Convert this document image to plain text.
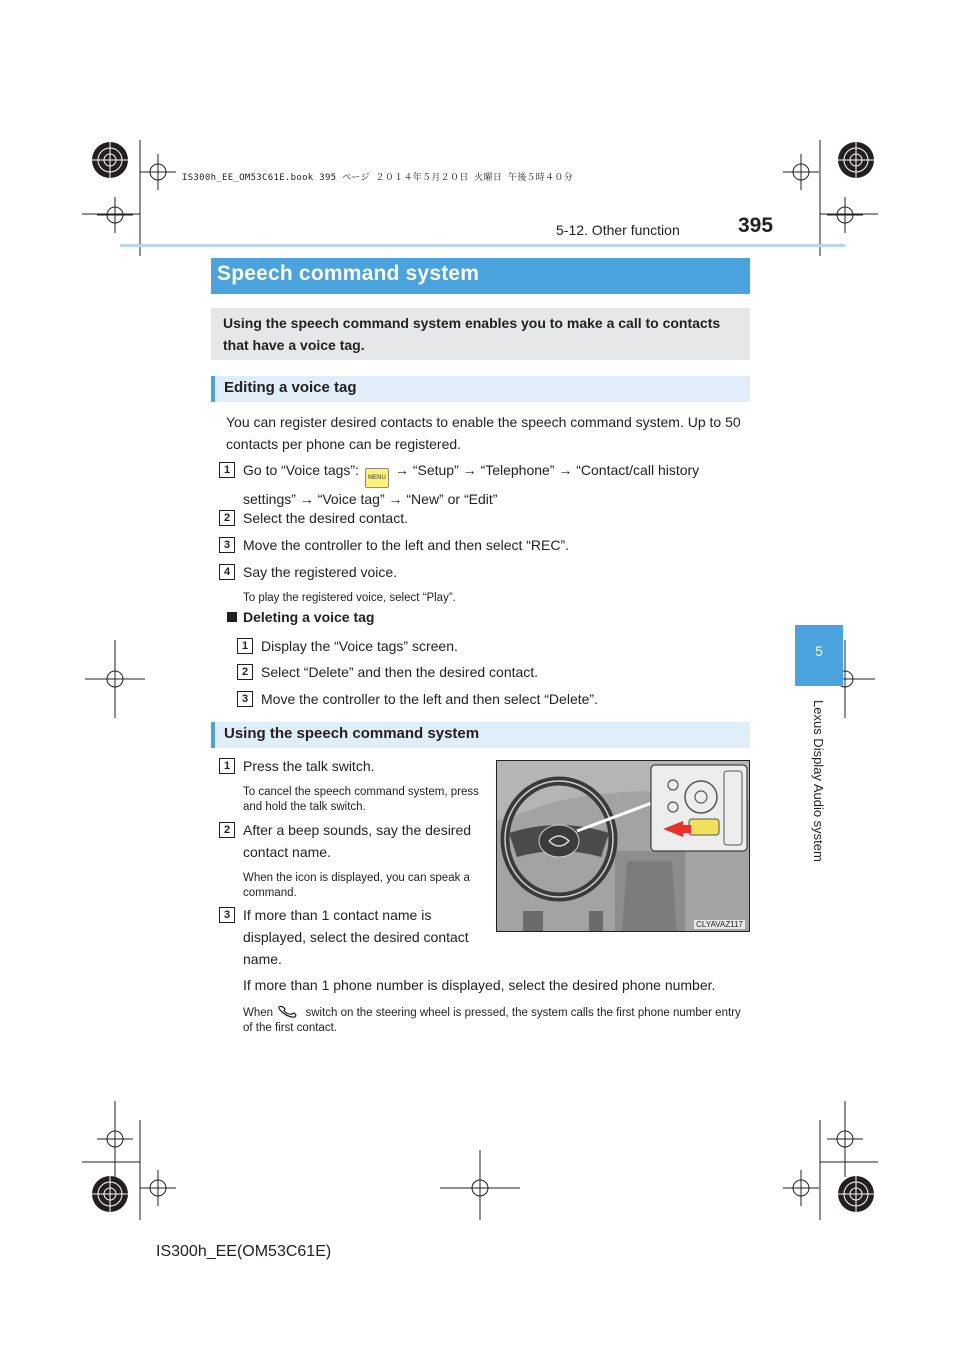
IS300h_EE_OM53C61E.book 395 ページ ２０１４年５月２０日 火曜日 午後５時４０分
5-12. Other function	395
5
Lexus Display Audio system
Speech command system
Using the speech command system enables you to make a call to contacts that have a voice tag.
Editing a voice tag
You can register desired contacts to enable the speech command system. Up to 50 contacts per phone can be registered.
1 Go to “Voice tags”: MENU → “Setup” → “Telephone” → “Contact/call history settings” → “Voice tag” → “New” or “Edit”
2 Select the desired contact.
3 Move the controller to the left and then select “REC”.
4 Say the registered voice.
To play the registered voice, select “Play”.
Deleting a voice tag
1 Display the “Voice tags” screen.
2 Select “Delete” and then the desired contact.
3 Move the controller to the left and then select “Delete”.
Using the speech command system
1 Press the talk switch.
To cancel the speech command system, press and hold the talk switch.
2 After a beep sounds, say the desired contact name.
When the icon is displayed, you can speak a command.
3 If more than 1 contact name is displayed, select the desired contact name.
If more than 1 phone number is displayed, select the desired phone number.
When	switch on the steering wheel is pressed, the system calls the first phone number entry of the first contact.
CLYAVAZ117
IS300h_EE(OM53C61E)
